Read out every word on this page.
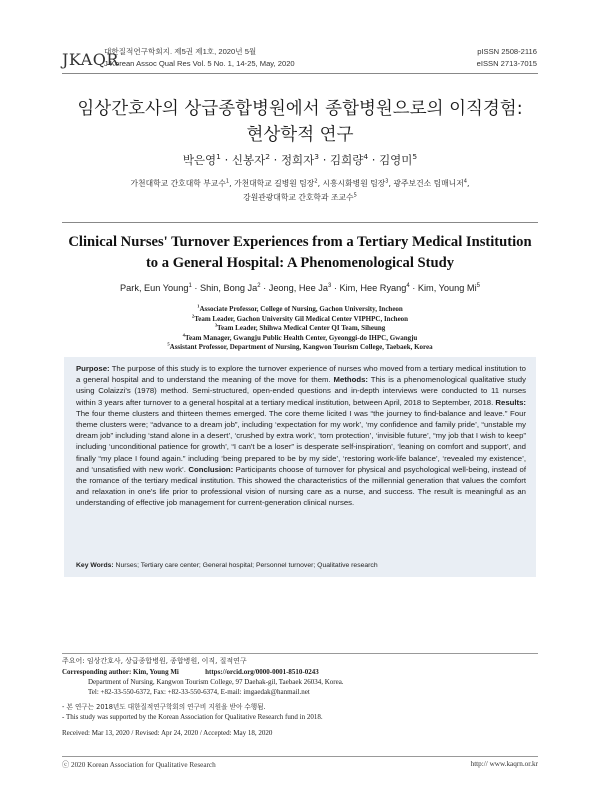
JKAQR
대한질적연구학회지. 제5권 제1호, 2020년 5월
J Korean Assoc Qual Res Vol. 5 No. 1, 14-25, May, 2020
pISSN 2508-2116
eISSN 2713-7015
임상간호사의 상급종합병원에서 종합병원으로의 이직경험:
현상학적 연구
박은영$^1$ · 신봉자$^2$ · 정희자$^3$ · 김희량$^4$ · 김영미$^5$
가천대학교 간호대학 부교수$^1$, 가천대학교 길병원 팀장$^2$, 시흥시화병원 팀장$^3$, 광주보건소 팀매니저$^4$,
강원관광대학교 간호학과 조교수$^5$
Clinical Nurses' Turnover Experiences from a Tertiary Medical Institution
to a General Hospital: A Phenomenological Study
Park, Eun Young$^1$ · Shin, Bong $Ja^2$ · Jeong, Hee $Ja^3$ · Kim, Hee Ryang$^4$ · Kim, Young Mi$^5$
$^1$Associate Professor, College of Nursing, Gachon University, Incheon
$^2$Team Leader, Gachon University Gil Medical Center VIPHPC, Incheon
$^3$Team Leader, Shihwa Medical Center QI Team, Siheung
$^4$Team Manager, Gwangju Public Health Center, Gyeonggi-do IHPC, Gwangju
$^5$Assistant Professor, Department of Nursing, Kangwon Tourism College, Taebaek, Korea
Purpose: The purpose of this study is to explore the turnover experience of nurses who moved from a tertiary medical institution to a general hospital and to understand the meaning of the move for them. Methods: This is a phenomenological qualitative study using Colaizzi's (1978) method. Semi-structured, open-ended questions and in-depth interviews were conducted to 11 nurses within 3 years after turnover to a general hospital at a tertiary medical institution, between April, 2018 to September, 2018. Results: The four theme clusters and thirteen themes emerged. The core theme licited I was “the journey to find-balance and leave.” Four theme clusters were; “advance to a dream job”, including ‘expectation for my work’, ‘my confidence and family pride’, “unstable my dream job” including ‘stand alone in a desert’, ‘crushed by extra work’, ‘torn protection’, ‘invisible future’, “my job that I wish to keep” including ‘unconditional patience for growth’, “I can't be a loser” is desperate self-inspiration’, ‘leaning on comfort and support’, and finally “my place I found again.” including ‘being prepared to be by my side’, ‘restoring work-life balance’, ‘revealed my existence’, and ‘unsatisfied with new work’. Conclusion: Participants choose of turnover for physical and psychological well-being, instead of the romance of the tertiary medical institution. This showed the characteristics of the millennial generation that values the comfort and relaxation in one's life prior to professional vision of nursing care as a nurse, and success. The result is meaningful as an understanding of effective job management for current-generation clinical nurses.
Key Words: Nurses; Tertiary care center; General hospital; Personnel turnover; Qualitative research
주요어: 임상간호사, 상급종합병원, 종합병원, 이직, 질적연구
Corresponding author: Kim, Young Mi	https://orcid.org/0000-0001-8510-0243
Department of Nursing, Kangwon Tourism College, 97 Daehak-gil, Taebaek 26034, Korea.
Tel: +82-33-550-6372, Fax: +82-33-550-6374, E-mail: imgaedak@hanmail.net
- 본 연구는 2018년도 대한질적연구학회의 연구비 지원을 받아 수행됨.
- This study was supported by the Korean Association for Qualitative Research fund in 2018.
Received: Mar 13, 2020 / Revised: Apr 24, 2020 / Accepted: May 18, 2020
ⓒ 2020 Korean Association for Qualitative Research	http:// www.kaqrn.or.kr
